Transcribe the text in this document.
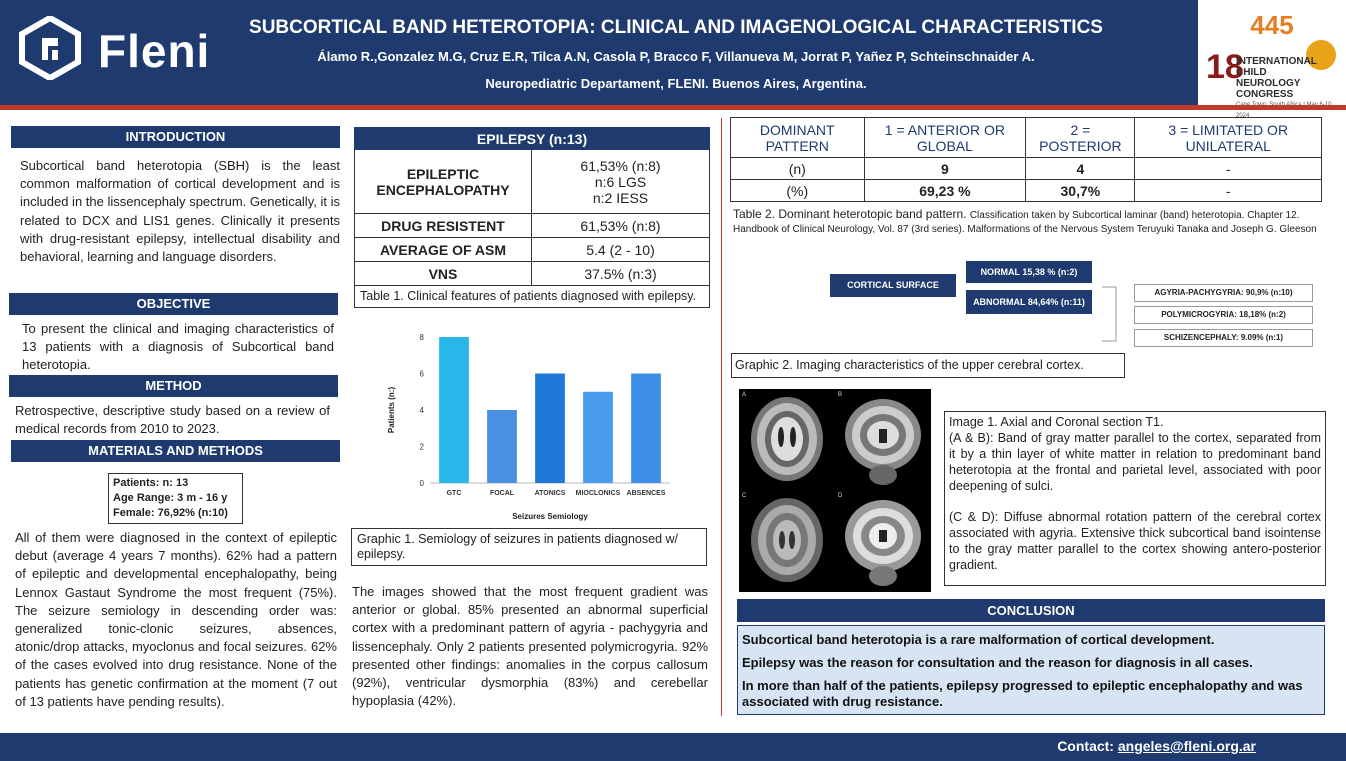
Fleni	SUBCORTICAL BAND HETEROTOPIA: CLINICAL AND IMAGENOLOGICAL CHARACTERISTICS
Álamo R.,Gonzalez M.G, Cruz E.R, Tilca A.N, Casola P, Bracco F, Villanueva M, Jorrat P, Yañez P, Schteinschnaider A.
Neuropediatric Departament, FLENI. Buenos Aires, Argentina.
445
18
INTERNATIONAL CHILD
NEUROLOGY CONGRESS
2024
INTRODUCTION
Subcortical band heterotopia (SBH) is the least common malformation of cortical development and is included in the lissencephaly spectrum. Genetically, it is related to DCX and LIS1 genes. Clinically it presents with drug-resistant epilepsy, intellectual disability and behavioral, learning and language disorders.
OBJECTIVE
To present the clinical and imaging characteristics of 13 patients with a diagnosis of Subcortical band heterotopia.
METHOD
Retrospective, descriptive study based on a review of medical records from 2010 to 2023.
MATERIALS AND METHODS
Patients: n: 13
Age Range: 3 m - 16 y
Female: 76,92% (n:10)
All of them were diagnosed in the context of epileptic debut (average 4 years 7 months). 62% had a pattern of epileptic and developmental encephalopathy, being Lennox Gastaut Syndrome the most frequent (75%). The seizure semiology in descending order was: generalized tonic-clonic seizures, absences, atonic/drop attacks, myoclonus and focal seizures. 62% of the cases evolved into drug resistance. None of the patients has genetic confirmation at the moment (7 out of 13 patients have pending results).
EPILEPSY (n:13)	
EPILEPTIC ENCEPHALOPATHY	61,53% (n:8)
n:6 LGS
n:2 IESS

DRUG RESISTENT	61,53% (n:8)
AVERAGE OF ASM	5.4 (2 - 10)
VNS	37.5% (n:3)
Table 1. Clinical features of patients diagnosed with epilepsy.
0
2
4
6
8
GTC	FOCAL	ATONICS MIOCLONICS ABSENCES
Seizures Semiology
Patients (n:)
Graphic 1. Semiology of seizures in patients diagnosed w/ epilepsy.
The images showed that the most frequent gradient was anterior or global. 85% presented an abnormal superficial cortex with a predominant pattern of agyria - pachygyria and lissencephaly. Only 2 patients presented polymicrogyria. 92% presented other findings: anomalies in the corpus callosum (92%), ventricular dysmorphia (83%) and cerebellar hypoplasia (42%).
DOMINANT PATTERN	1 = ANTERIOR OR GLOBAL	2 = POSTERIOR	3 = LIMITATED OR UNILATERAL
(n)	9	4	-
(%)	69,23 %	30,7%	-
Table 2. Dominant heterotopic band pattern. Classification taken by Subcortical laminar (band) heterotopia. Chapter 12. Handbook of Clinical Neurology, Vol. 87 (3rd series). Malformations of the Nervous System Teruyuki Tanaka and Joseph G. Gleeson
CORTICAL SURFACE
NORMAL 15,38 % (n:2)
ABNORMAL 84,64% (n:11)
AGYRIA-PACHYGYRIA: 90,9% (n:10)
POLYMICROGYRIA: 18,18% (n:2)
SCHIZENCEPHALY: 9.09% (n:1)
Graphic 2. Imaging characteristics of the upper cerebral cortex.
A	B
C	D
Image 1. Axial and Coronal section T1.
(A & B): Band of gray matter parallel to the cortex, separated from it by a thin layer of white matter in relation to predominant band heterotopia at the frontal and parietal level, associated with poor deepening of sulci.
(C & D): Diffuse abnormal rotation pattern of the cerebral cortex associated with agyria. Extensive thick subcortical band isointense to the gray matter parallel to the cortex showing antero-posterior gradient.
CONCLUSION

Subcortical band heterotopia is a rare malformation of cortical development.

Epilepsy was the reason for consultation and the reason for diagnosis in all cases.

In more than half of the patients, epilepsy progressed to epileptic encephalopathy and was associated with drug resistance.

Contact: angeles@fleni.org.ar
